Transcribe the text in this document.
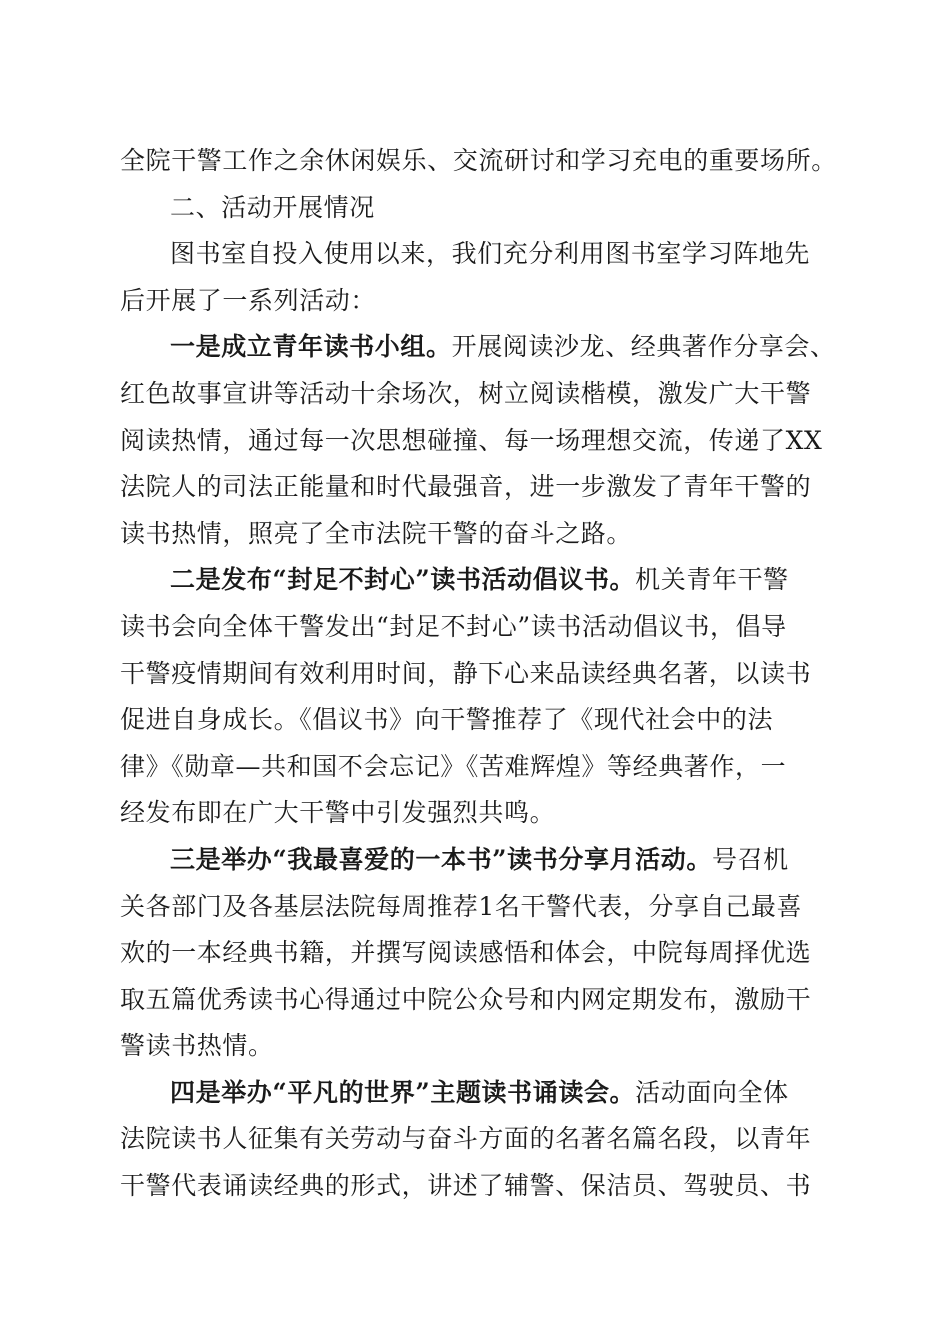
全院干警工作之余休闲娱乐、交流研讨和学习充电的重要场所。

二、活动开展情况

图书室自投入使用以来，我们充分利用图书室学习阵地先
后开展了一系列活动：

一是成立青年读书小组。开展阅读沙龙、经典著作分享会、
红色故事宣讲等活动十余场次，树立阅读楷模，激发广大干警
阅读热情，通过每一次思想碰撞、每一场理想交流，传递了XX
法院人的司法正能量和时代最强音，进一步激发了青年干警的
读书热情，照亮了全市法院干警的奋斗之路。

二是发布“封足不封心”读书活动倡议书。机关青年干警
读书会向全体干警发出“封足不封心”读书活动倡议书，倡导
干警疫情期间有效利用时间，静下心来品读经典名著，以读书
促进自身成长。《倡议书》向干警推荐了《现代社会中的法
律》《勋章—共和国不会忘记》《苦难辉煌》等经典著作，一
经发布即在广大干警中引发强烈共鸣。

三是举办“我最喜爱的一本书”读书分享月活动。号召机
关各部门及各基层法院每周推荐1名干警代表，分享自己最喜
欢的一本经典书籍，并撰写阅读感悟和体会，中院每周择优选
取五篇优秀读书心得通过中院公众号和内网定期发布，激励干
警读书热情。

四是举办“平凡的世界”主题读书诵读会。活动面向全体
法院读书人征集有关劳动与奋斗方面的名著名篇名段，以青年
干警代表诵读经典的形式，讲述了辅警、保洁员、驾驶员、书
